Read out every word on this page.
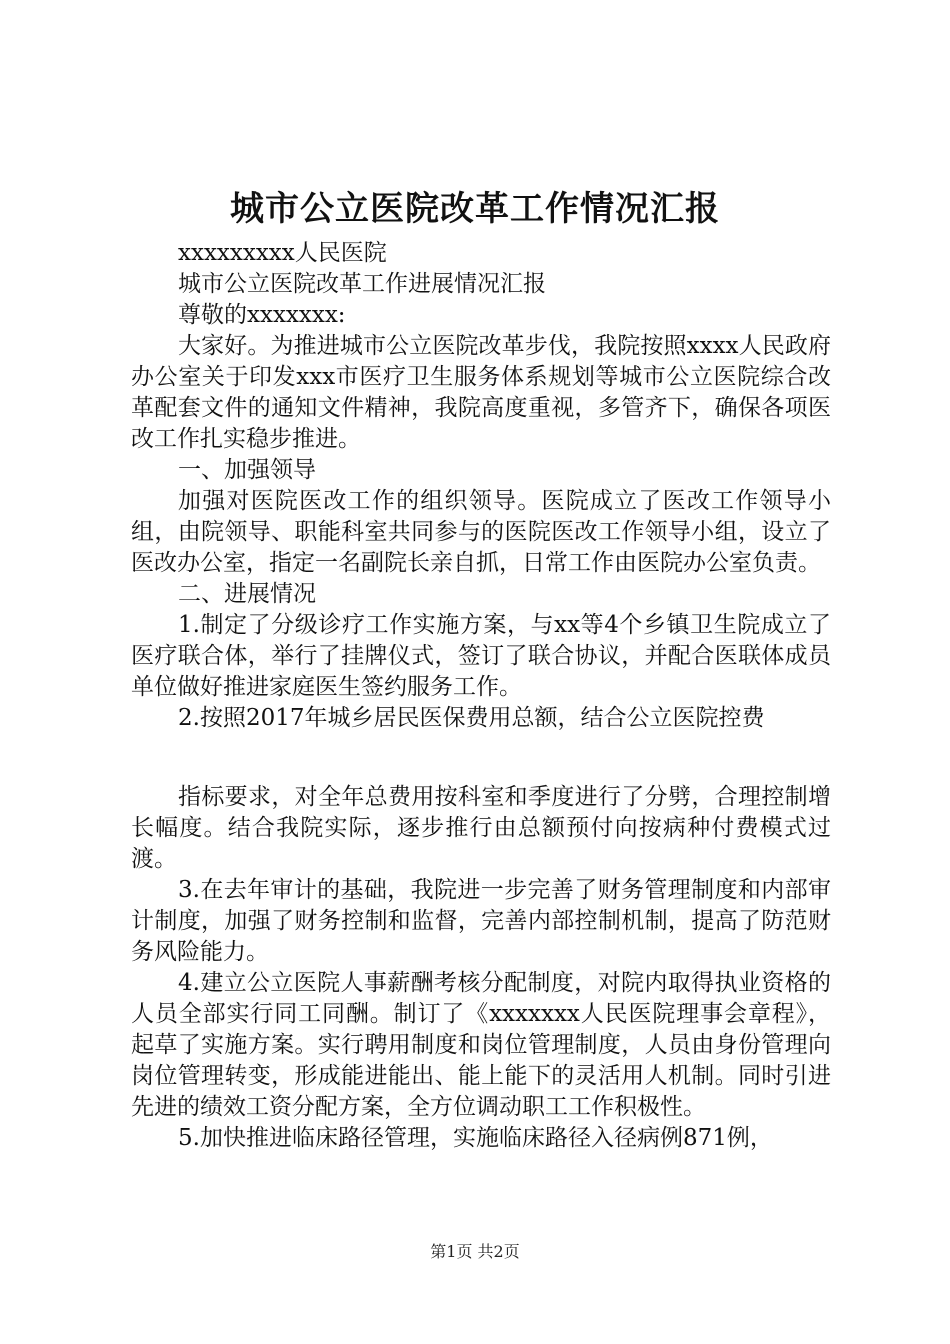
城市公立医院改革工作情况汇报

xxxxxxxxx人民医院

城市公立医院改革工作进展情况汇报

尊敬的xxxxxxx:

大家好。为推进城市公立医院改革步伐，我院按照xxxx人民政府办公室关于印发xxx市医疗卫生服务体系规划等城市公立医院综合改革配套文件的通知文件精神，我院高度重视，多管齐下，确保各项医改工作扎实稳步推进。

一、加强领导

加强对医院医改工作的组织领导。医院成立了医改工作领导小组，由院领导、职能科室共同参与的医院医改工作领导小组，设立了医改办公室，指定一名副院长亲自抓，日常工作由医院办公室负责。

二、进展情况

1.制定了分级诊疗工作实施方案，与xx等4个乡镇卫生院成立了医疗联合体，举行了挂牌仪式，签订了联合协议，并配合医联体成员单位做好推进家庭医生签约服务工作。

2.按照2017年城乡居民医保费用总额，结合公立医院控费

指标要求，对全年总费用按科室和季度进行了分劈，合理控制增长幅度。结合我院实际，逐步推行由总额预付向按病种付费模式过渡。

3.在去年审计的基础，我院进一步完善了财务管理制度和内部审计制度，加强了财务控制和监督，完善内部控制机制，提高了防范财务风险能力。

4.建立公立医院人事薪酬考核分配制度，对院内取得执业资格的人员全部实行同工同酬。制订了《xxxxxxx人民医院理事会章程》，起草了实施方案。实行聘用制度和岗位管理制度，人员由身份管理向岗位管理转变，形成能进能出、能上能下的灵活用人机制。同时引进先进的绩效工资分配方案，全方位调动职工工作积极性。

5.加快推进临床路径管理，实施临床路径入径病例871例，

第1页 共2页
